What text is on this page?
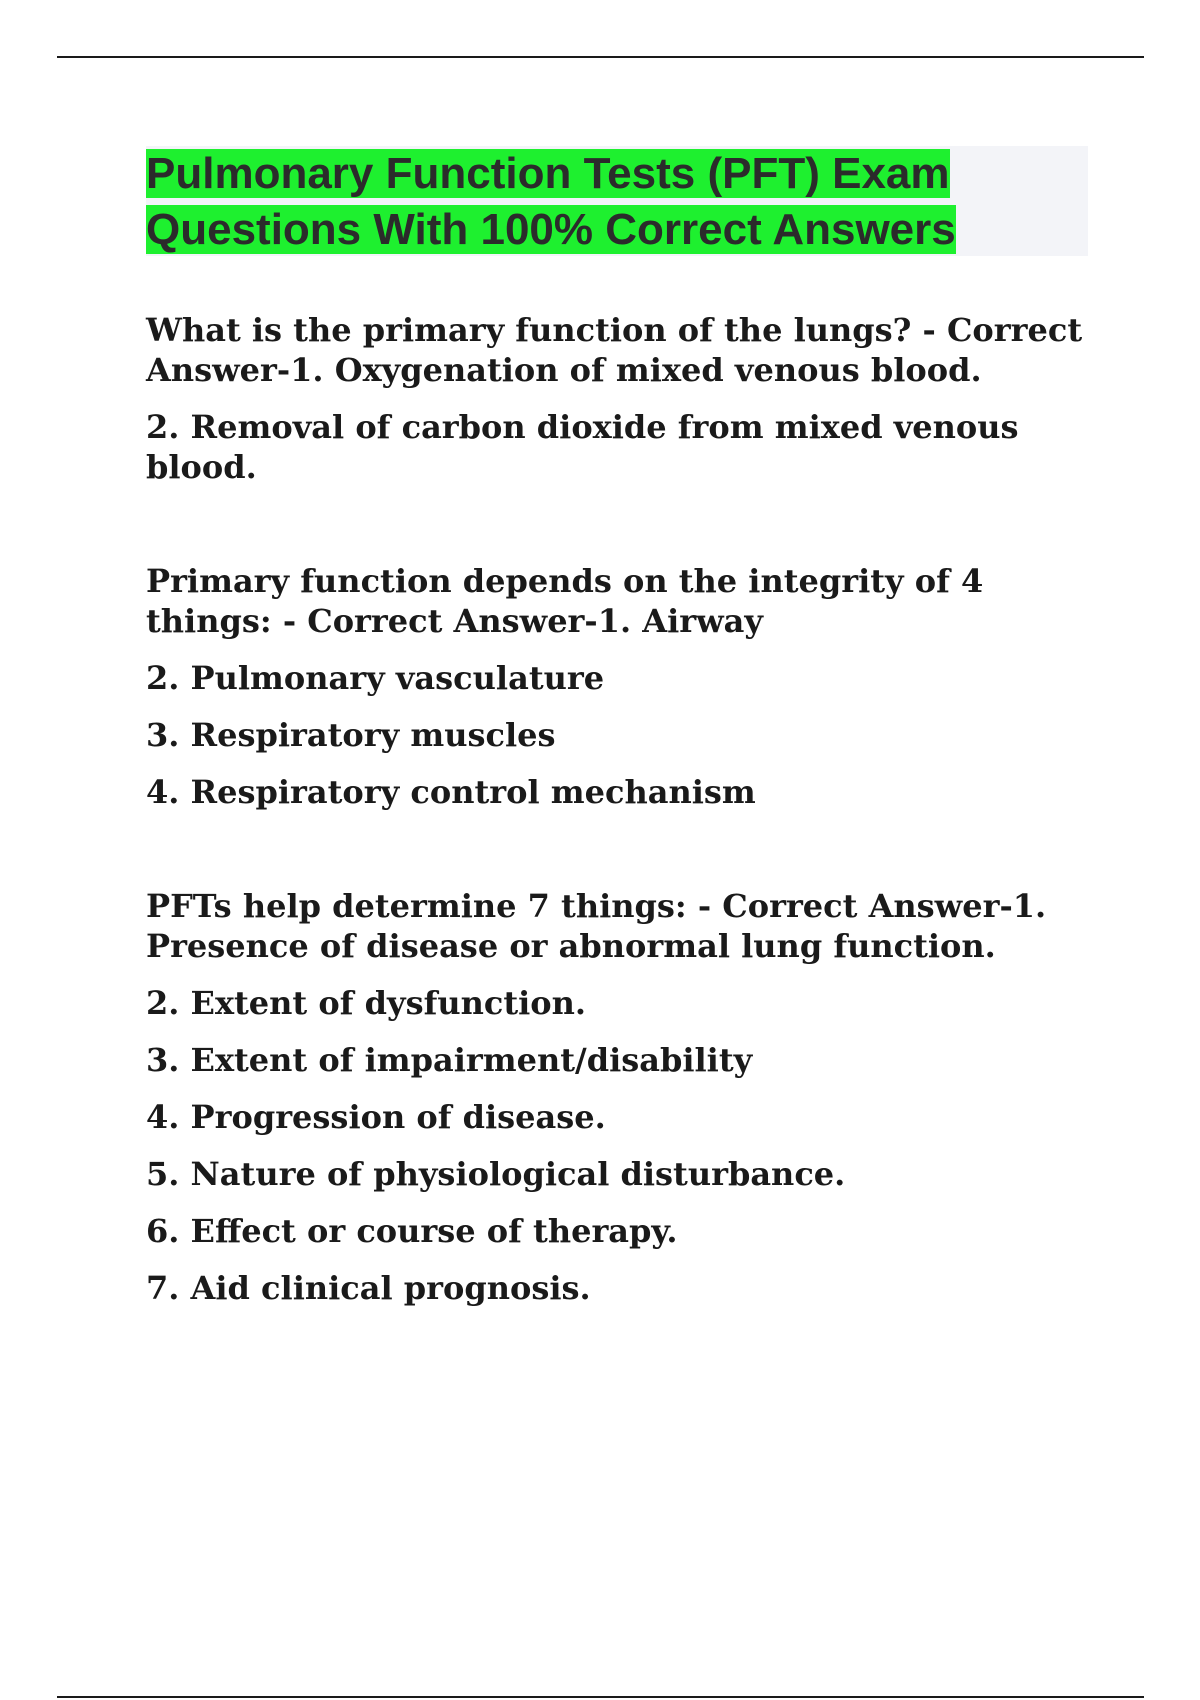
Pulmonary Function Tests (PFT) Exam
Questions With 100% Correct Answers

What is the primary function of the lungs? - Correct Answer-1. Oxygenation of mixed venous blood.

2. Removal of carbon dioxide from mixed venous blood.

Primary function depends on the integrity of 4 things: - Correct Answer-1. Airway

2. Pulmonary vasculature

3. Respiratory muscles

4. Respiratory control mechanism

PFTs help determine 7 things: - Correct Answer-1. Presence of disease or abnormal lung function.

2. Extent of dysfunction.

3. Extent of impairment/disability

4. Progression of disease.

5. Nature of physiological disturbance.

6. Effect or course of therapy.

7. Aid clinical prognosis.
